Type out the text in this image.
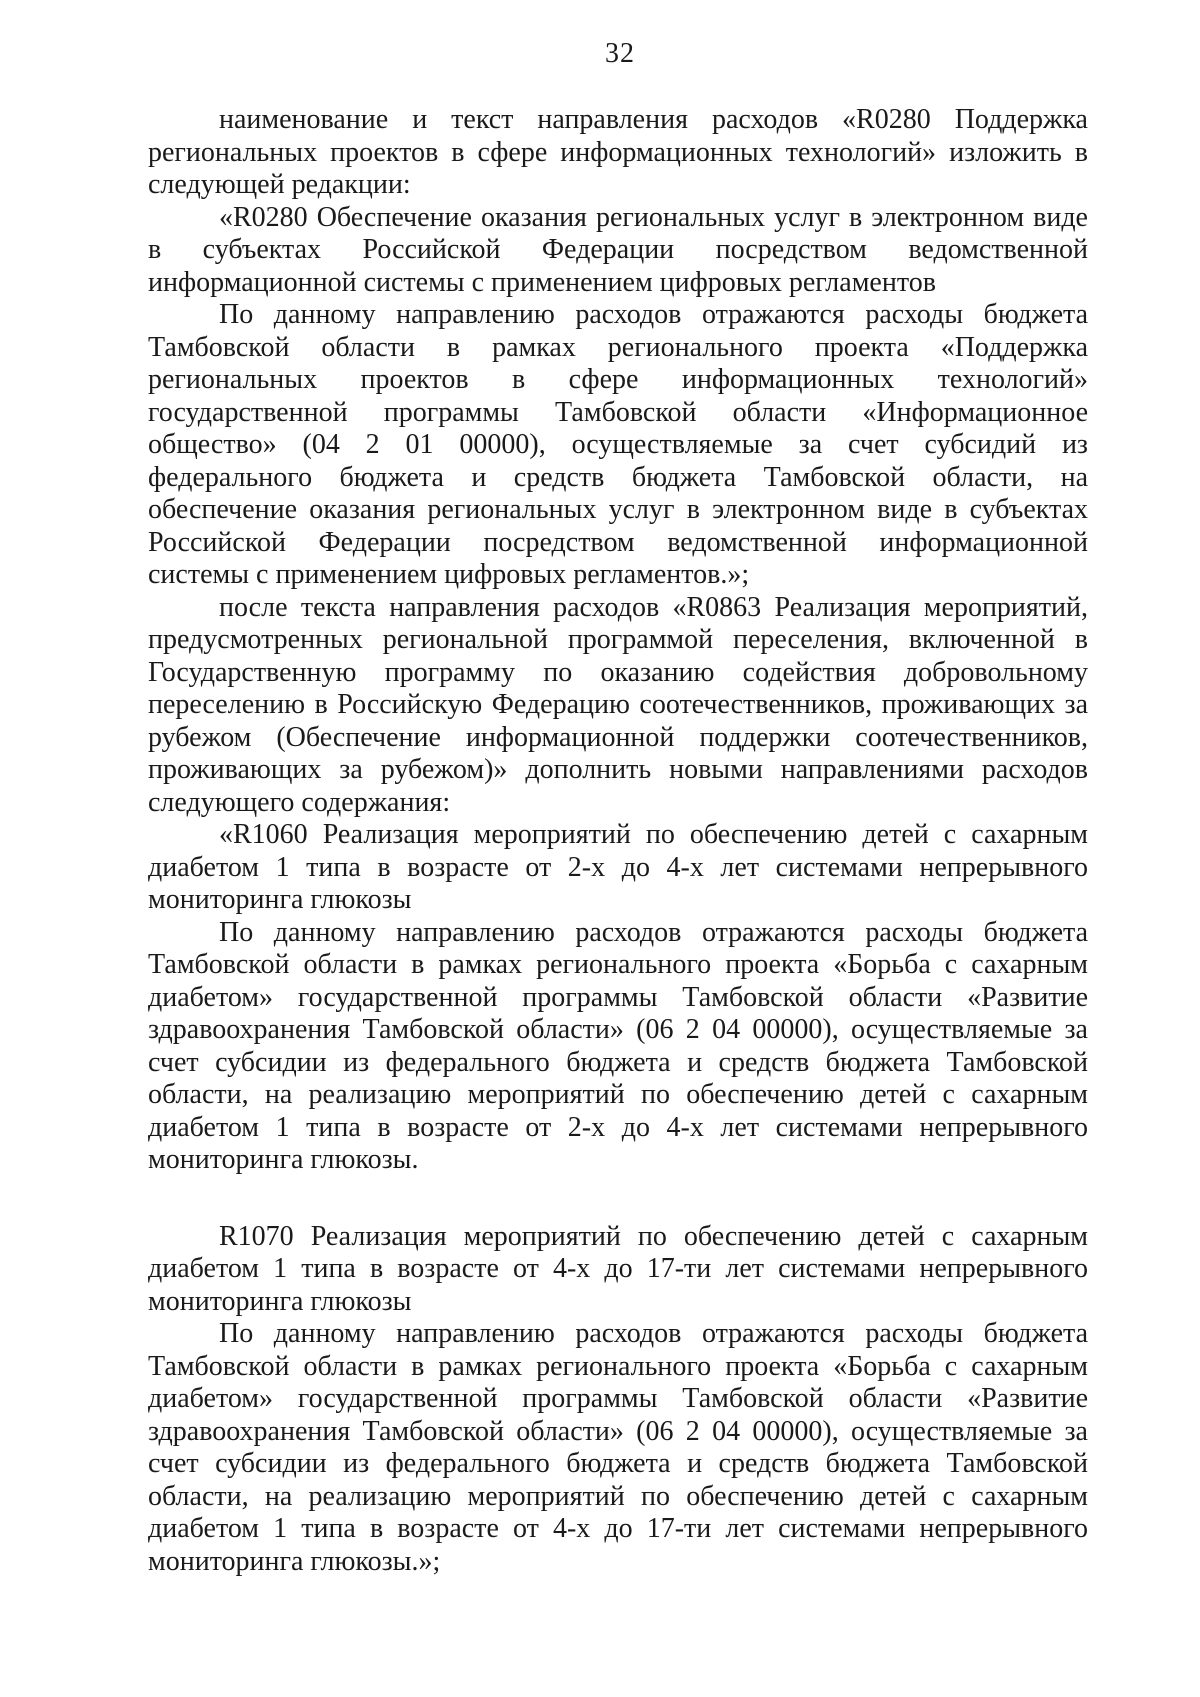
32

наименование и текст направления расходов «R0280 Поддержка региональных проектов в сфере информационных технологий» изложить в следующей редакции:

«R0280 Обеспечение оказания региональных услуг в электронном виде в субъектах Российской Федерации посредством ведомственной информационной системы с применением цифровых регламентов

По данному направлению расходов отражаются расходы бюджета Тамбовской области в рамках регионального проекта «Поддержка региональных проектов в сфере информационных технологий» государственной программы Тамбовской области «Информационное общество» (04 2 01 00000), осуществляемые за счет субсидий из федерального бюджета и средств бюджета Тамбовской области, на обеспечение оказания региональных услуг в электронном виде в субъектах Российской Федерации посредством ведомственной информационной системы с применением цифровых регламентов.»;

после текста направления расходов «R0863 Реализация мероприятий, предусмотренных региональной программой переселения, включенной в Государственную программу по оказанию содействия добровольному переселению в Российскую Федерацию соотечественников, проживающих за рубежом (Обеспечение информационной поддержки соотечественников, проживающих за рубежом)» дополнить новыми направлениями расходов следующего содержания:

«R1060 Реализация мероприятий по обеспечению детей с сахарным диабетом 1 типа в возрасте от 2-х до 4-х лет системами непрерывного мониторинга глюкозы

По данному направлению расходов отражаются расходы бюджета Тамбовской области в рамках регионального проекта «Борьба с сахарным диабетом» государственной программы Тамбовской области «Развитие здравоохранения Тамбовской области» (06 2 04 00000), осуществляемые за счет субсидии из федерального бюджета и средств бюджета Тамбовской области, на реализацию мероприятий по обеспечению детей с сахарным диабетом 1 типа в возрасте от 2-х до 4-х лет системами непрерывного мониторинга глюкозы.

R1070 Реализация мероприятий по обеспечению детей с сахарным диабетом 1 типа в возрасте от 4-х до 17-ти лет системами непрерывного мониторинга глюкозы

По данному направлению расходов отражаются расходы бюджета Тамбовской области в рамках регионального проекта «Борьба с сахарным диабетом» государственной программы Тамбовской области «Развитие здравоохранения Тамбовской области» (06 2 04 00000), осуществляемые за счет субсидии из федерального бюджета и средств бюджета Тамбовской области, на реализацию мероприятий по обеспечению детей с сахарным диабетом 1 типа в возрасте от 4-х до 17-ти лет системами непрерывного мониторинга глюкозы.»;
